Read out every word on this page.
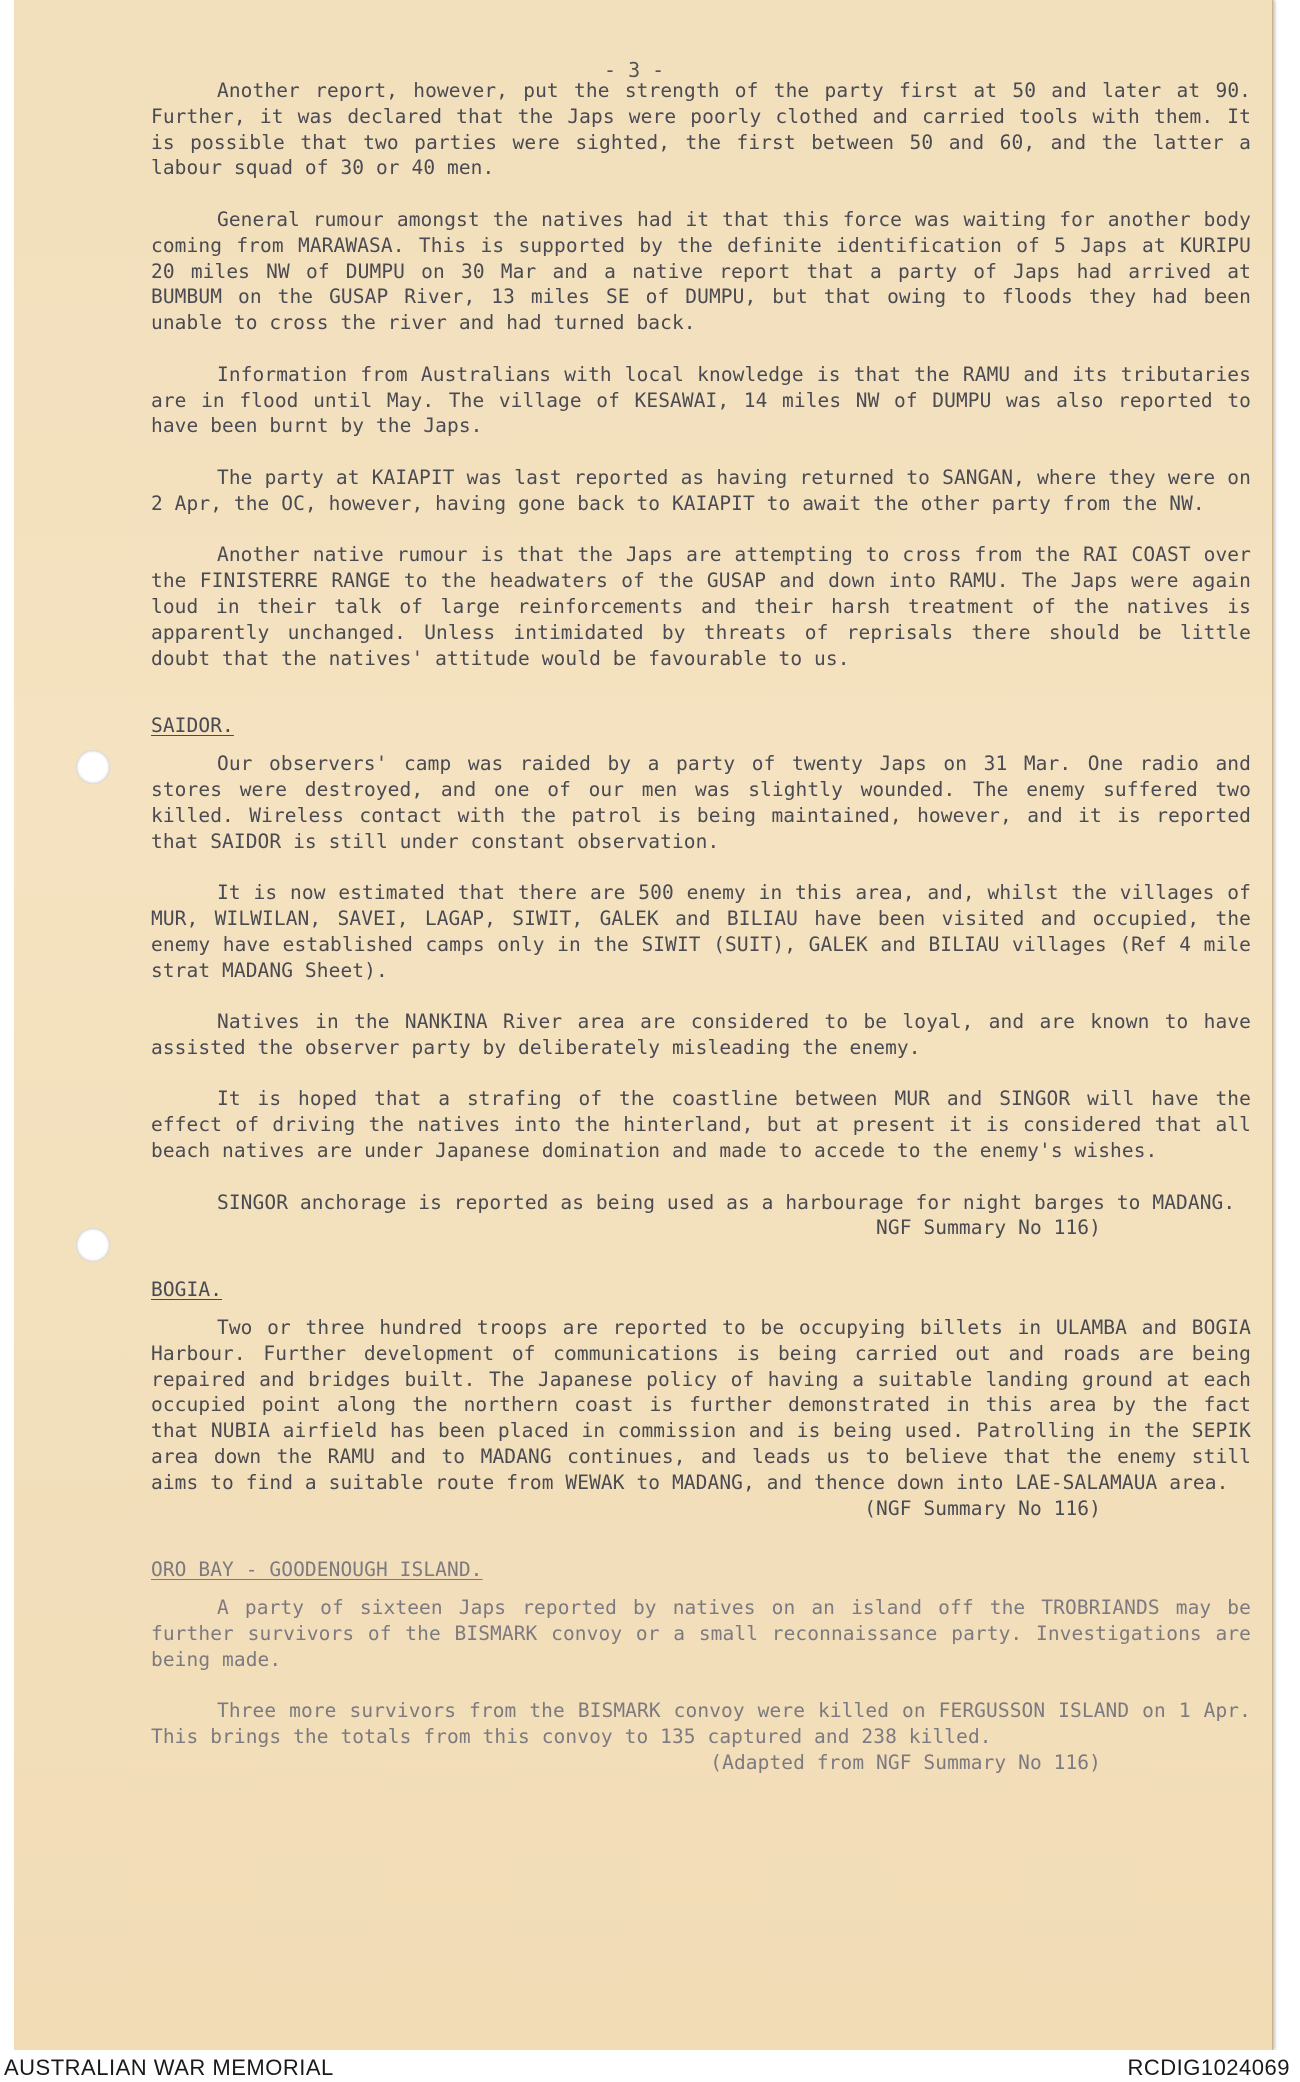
- 3 -

Another report, however, put the strength of the party first at 50 and later at 90. Further, it was declared that the Japs were poorly clothed and carried tools with them. It is possible that two parties were sighted, the first between 50 and 60, and the latter a labour squad of 30 or 40 men.

General rumour amongst the natives had it that this force was waiting for another body coming from MARAWASA. This is supported by the definite identification of 5 Japs at KURIPU 20 miles NW of DUMPU on 30 Mar and a native report that a party of Japs had arrived at BUMBUM on the GUSAP River, 13 miles SE of DUMPU, but that owing to floods they had been unable to cross the river and had turned back.

Information from Australians with local knowledge is that the RAMU and its tributaries are in flood until May. The village of KESAWAI, 14 miles NW of DUMPU was also reported to have been burnt by the Japs.

The party at KAIAPIT was last reported as having returned to SANGAN, where they were on 2 Apr, the OC, however, having gone back to KAIAPIT to await the other party from the NW.

Another native rumour is that the Japs are attempting to cross from the RAI COAST over the FINISTERRE RANGE to the headwaters of the GUSAP and down into RAMU. The Japs were again loud in their talk of large reinforcements and their harsh treatment of the natives is apparently unchanged. Unless intimidated by threats of reprisals there should be little doubt that the natives' attitude would be favourable to us.

SAIDOR.

Our observers' camp was raided by a party of twenty Japs on 31 Mar. One radio and stores were destroyed, and one of our men was slightly wounded. The enemy suffered two killed. Wireless contact with the patrol is being maintained, however, and it is reported that SAIDOR is still under constant observation.

It is now estimated that there are 500 enemy in this area, and, whilst the villages of MUR, WILWILAN, SAVEI, LAGAP, SIWIT, GALEK and BILIAU have been visited and occupied, the enemy have established camps only in the SIWIT (SUIT), GALEK and BILIAU villages (Ref 4 mile strat MADANG Sheet).

Natives in the NANKINA River area are considered to be loyal, and are known to have assisted the observer party by deliberately misleading the enemy.

It is hoped that a strafing of the coastline between MUR and SINGOR will have the effect of driving the natives into the hinterland, but at present it is considered that all beach natives are under Japanese domination and made to accede to the enemy's wishes.

SINGOR anchorage is reported as being used as a harbourage for night barges to MADANG.

NGF Summary No 116)

BOGIA.

Two or three hundred troops are reported to be occupying billets in ULAMBA and BOGIA Harbour. Further development of communications is being carried out and roads are being repaired and bridges built. The Japanese policy of having a suitable landing ground at each occupied point along the northern coast is further demonstrated in this area by the fact that NUBIA airfield has been placed in commission and is being used. Patrolling in the SEPIK area down the RAMU and to MADANG continues, and leads us to believe that the enemy still aims to find a suitable route from WEWAK to MADANG, and thence down into LAE-SALAMAUA area.

(NGF Summary No 116)

ORO BAY - GOODENOUGH ISLAND.

A party of sixteen Japs reported by natives on an island off the TROBRIANDS may be further survivors of the BISMARK convoy or a small reconnaissance party. Investigations are being made.

Three more survivors from the BISMARK convoy were killed on FERGUSSON ISLAND on 1 Apr. This brings the totals from this convoy to 135 captured and 238 killed.

(Adapted from NGF Summary No 116)

AUSTRALIAN WAR MEMORIAL	RCDIG1024069
